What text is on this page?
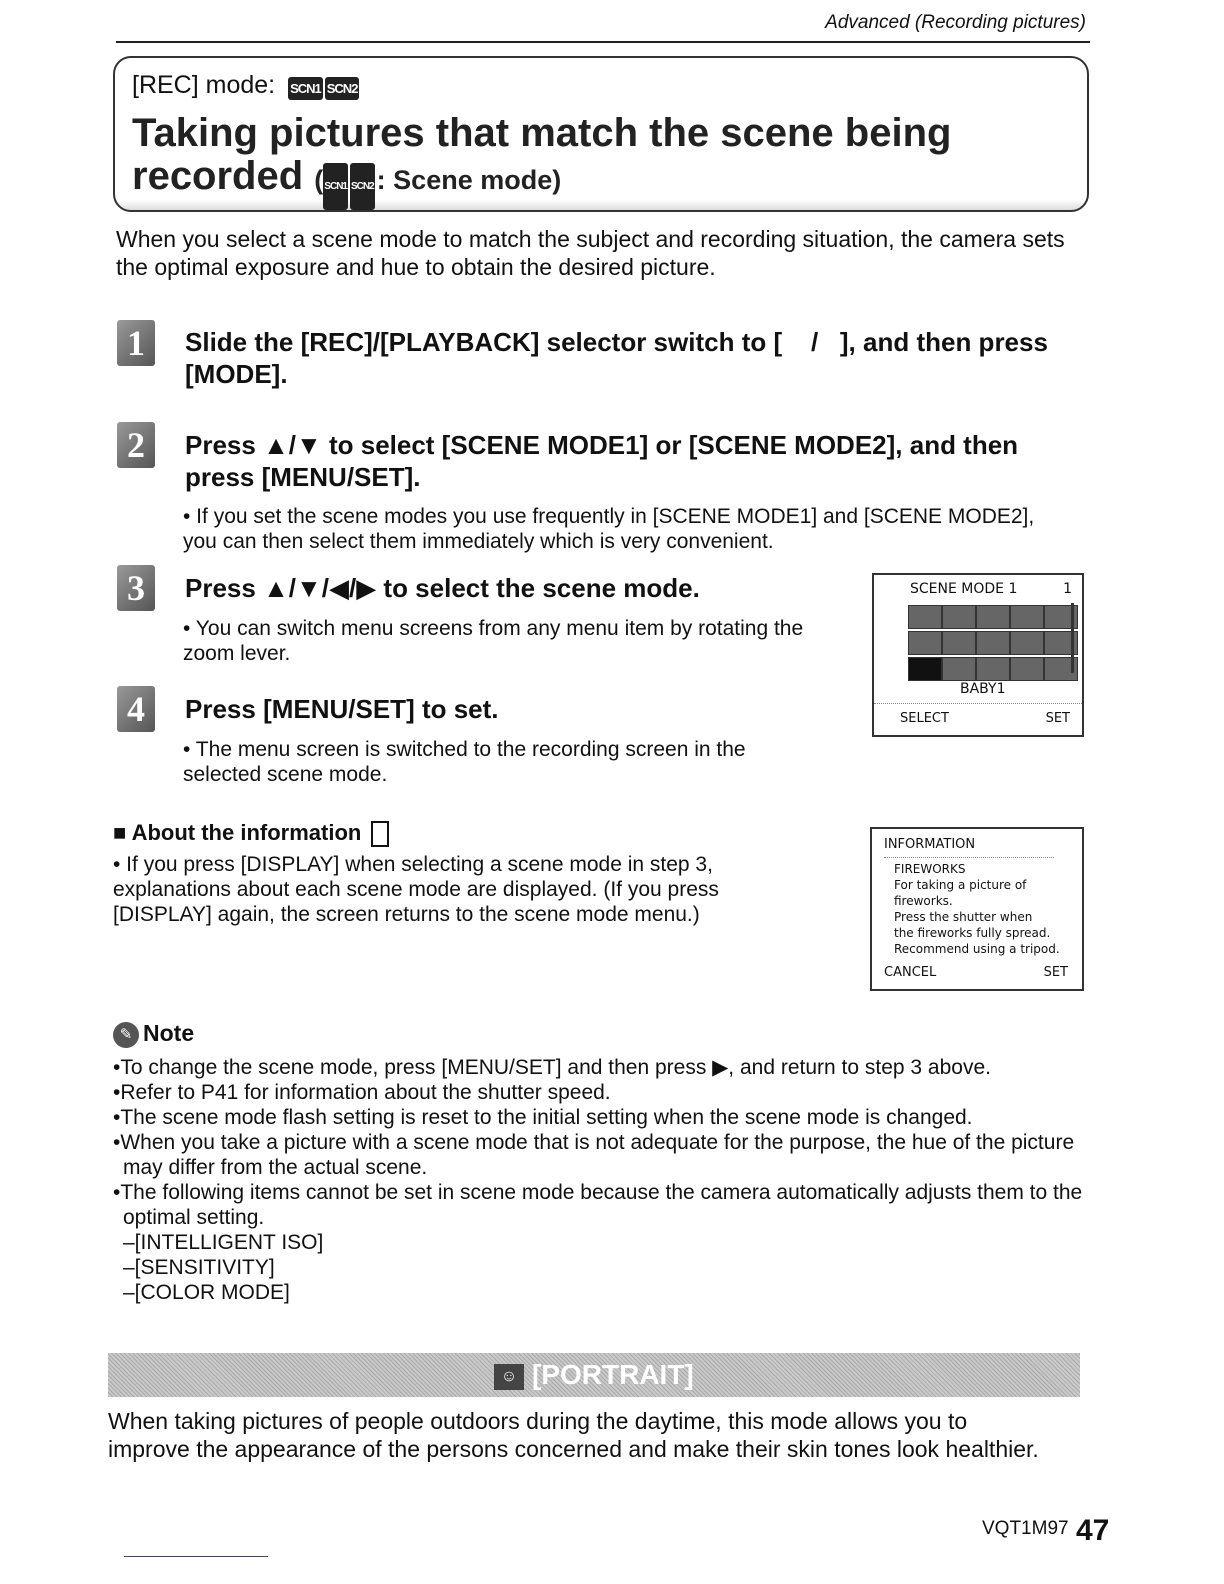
Advanced (Recording pictures)
[REC] mode: SCN1 SCN2
Taking pictures that match the scene being recorded (SCN1 SCN2 : Scene mode)
When you select a scene mode to match the subject and recording situation, the camera sets the optimal exposure and hue to obtain the desired picture.
1	Slide the [REC]/[PLAYBACK] selector switch to [    /   ], and then press [MODE].
2	Press ▲/▼ to select [SCENE MODE1] or [SCENE MODE2], and then press [MENU/SET].
• If you set the scene modes you use frequently in [SCENE MODE1] and [SCENE MODE2], you can then select them immediately which is very convenient.
3	Press ▲/▼/◀/▶ to select the scene mode.
• You can switch menu screens from any menu item by rotating the zoom lever.
4	Press [MENU/SET] to set.
• The menu screen is switched to the recording screen in the selected scene mode.
SCENE MODE 1	1
BABY1
SELECT	SET
■ About the information
• If you press [DISPLAY] when selecting a scene mode in step 3, explanations about each scene mode are displayed. (If you press [DISPLAY] again, the screen returns to the scene mode menu.)
INFORMATION
FIREWORKS
For taking a picture of
fireworks.
Press the shutter when
the fireworks fully spread.
Recommend using a tripod.
CANCEL	SET
✎ Note
•To change the scene mode, press [MENU/SET] and then press ▶, and return to step 3 above.
•Refer to P41 for information about the shutter speed.
•The scene mode flash setting is reset to the initial setting when the scene mode is changed.
•When you take a picture with a scene mode that is not adequate for the purpose, the hue of the picture may differ from the actual scene.
•The following items cannot be set in scene mode because the camera automatically adjusts them to the optimal setting.
–[INTELLIGENT ISO]
–[SENSITIVITY]
–[COLOR MODE]
☺ [PORTRAIT]
When taking pictures of people outdoors during the daytime, this mode allows you to improve the appearance of the persons concerned and make their skin tones look healthier.
VQT1M97 47
